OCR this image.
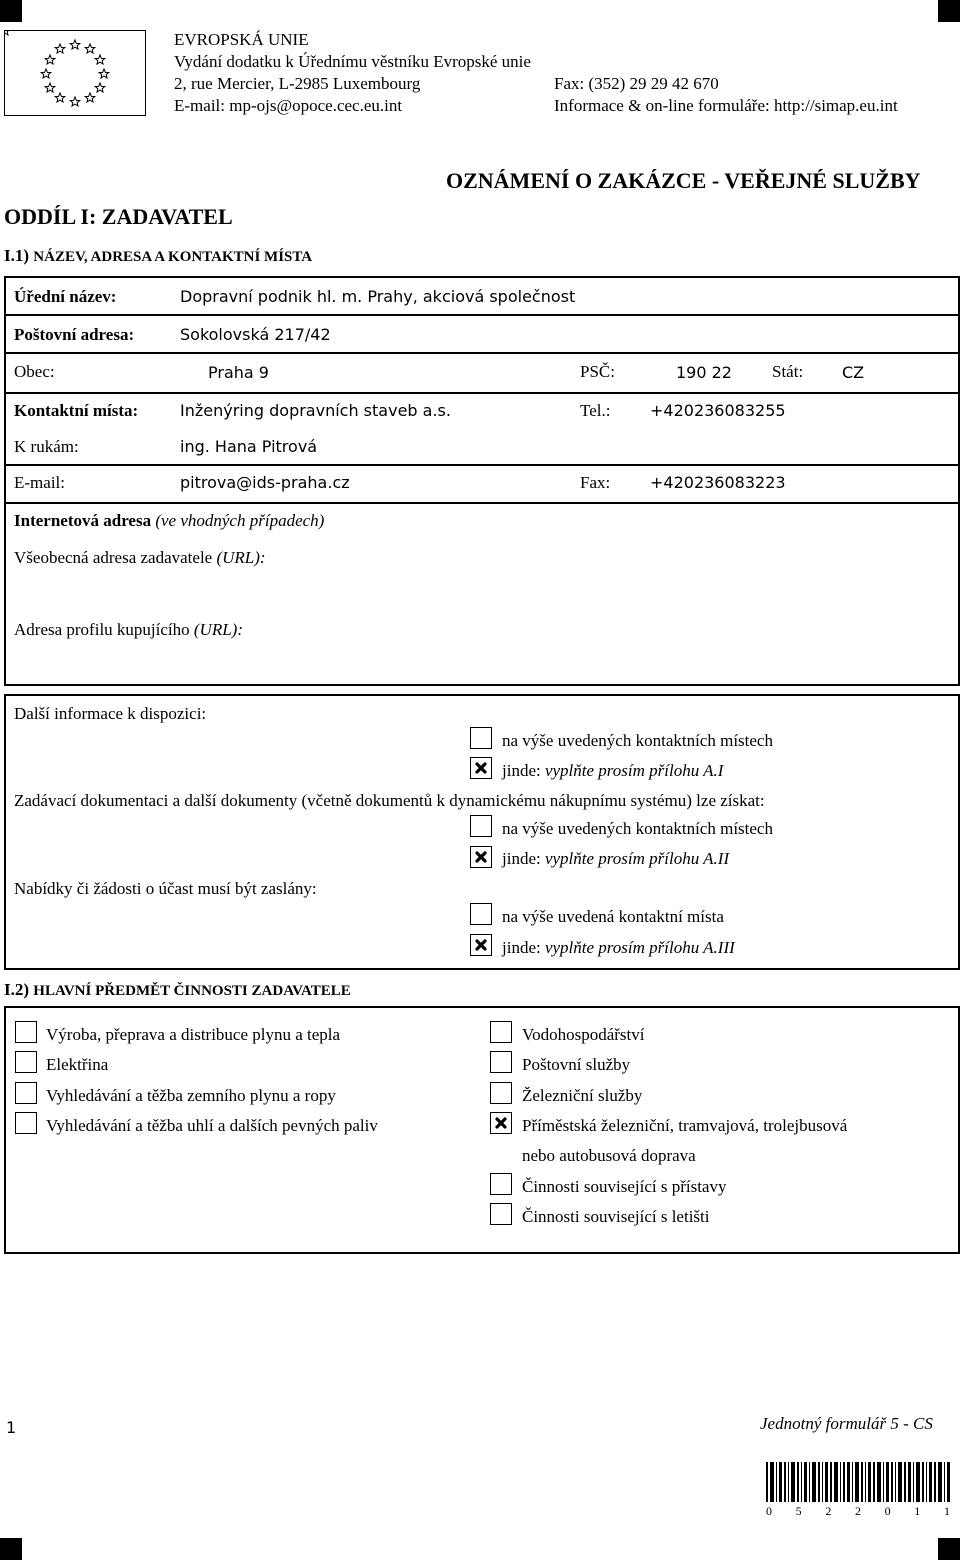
EVROPSKÁ UNIE
Vydání dodatku k Úřednímu věstníku Evropské unie
2, rue Mercier, L-2985 Luxembourg	Fax: (352) 29 29 42 670
E-mail: mp-ojs@opoce.cec.eu.int	Informace & on-line formuláře: http://simap.eu.int
OZNÁMENÍ O ZAKÁZCE - VEŘEJNÉ SLUŽBY
ODDÍL I: ZADAVATEL
I.1) NÁZEV, ADRESA A KONTAKTNÍ MÍSTA
Úřední název:	Dopravní podnik hl. m. Prahy, akciová společnost
Poštovní adresa:	Sokolovská 217/42
Obec:	Praha 9	PSČ:	190 22 Stát: CZ
Kontaktní místa:	Inženýring dopravních staveb a.s.	Tel.: +420236083255
K rukám:	ing. Hana Pitrová
E-mail:	pitrova@ids-praha.cz	Fax: +420236083223
Internetová adresa (ve vhodných případech)
Všeobecná adresa zadavatele (URL):
Adresa profilu kupujícího (URL):
Další informace k dispozici:
na výše uvedených kontaktních místech
jinde: vyplňte prosím přílohu A.I
Zadávací dokumentaci a další dokumenty (včetně dokumentů k dynamickému nákupnímu systému) lze získat:
na výše uvedených kontaktních místech
jinde: vyplňte prosím přílohu A.II
Nabídky či žádosti o účast musí být zaslány:
na výše uvedená kontaktní místa
jinde: vyplňte prosím přílohu A.III
I.2) HLAVNÍ PŘEDMĚT ČINNOSTI ZADAVATELE
Výroba, přeprava a distribuce plynu a tepla
Elektřina
Vyhledávání a těžba zemního plynu a ropy
Vyhledávání a těžba uhlí a dalších pevných paliv
Vodohospodářství
Poštovní služby
Železniční služby
Příměstská železniční, tramvajová, trolejbusová
nebo autobusová doprava
Činnosti související s přístavy
Činnosti související s letišti
1	Jednotný formulář 5 - CS
0 5 2 2 0 1 1
